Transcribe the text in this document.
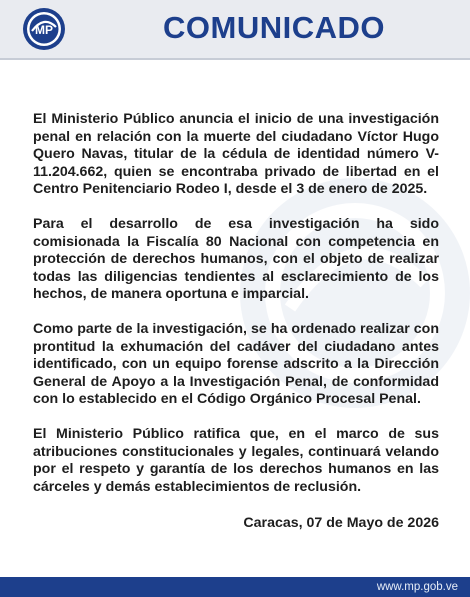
MP	COMUNICADO

El Ministerio Público anuncia el inicio de una investigación penal en relación con la muerte del ciudadano Víctor Hugo Quero Navas, titular de la cédula de identidad número V-11.204.662, quien se encontraba privado de libertad en el Centro Penitenciario Rodeo I, desde el 3 de enero de 2025.

Para el desarrollo de esa investigación ha sido comisionada la Fiscalía 80 Nacional con competencia en protección de derechos humanos, con el objeto de realizar todas las diligencias tendientes al esclarecimiento de los hechos, de manera oportuna e imparcial.

Como parte de la investigación, se ha ordenado realizar con prontitud la exhumación del cadáver del ciudadano antes identificado, con un equipo forense adscrito a la Dirección General de Apoyo a la Investigación Penal, de conformidad con lo establecido en el Código Orgánico Procesal Penal.

El Ministerio Público ratifica que, en el marco de sus atribuciones constitucionales y legales, continuará velando por el respeto y garantía de los derechos humanos en las cárceles y demás establecimientos de reclusión.

Caracas, 07 de Mayo de 2026
www.mp.gob.ve
